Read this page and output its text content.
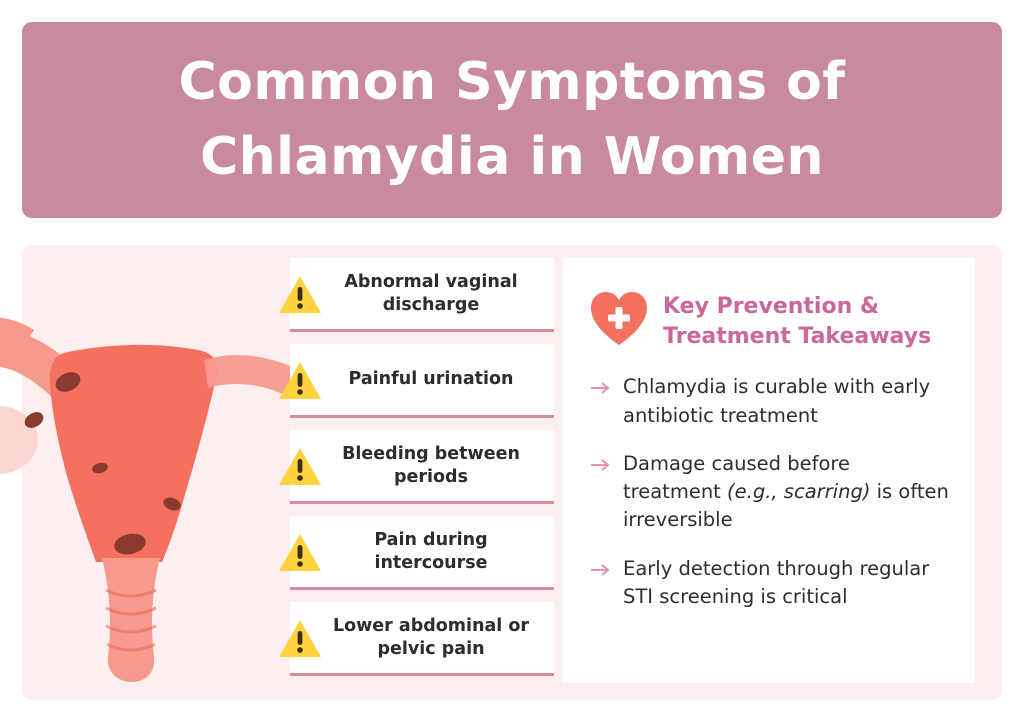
Common Symptoms of
Chlamydia in Women
Abnormal vaginal discharge
Painful urination
Bleeding between periods
Pain during intercourse
Lower abdominal or pelvic pain
Key Prevention & Treatment Takeaways
Chlamydia is curable with early antibiotic treatment
Damage caused before treatment (e.g., scarring) is often irreversible
Early detection through regular STI screening is critical
